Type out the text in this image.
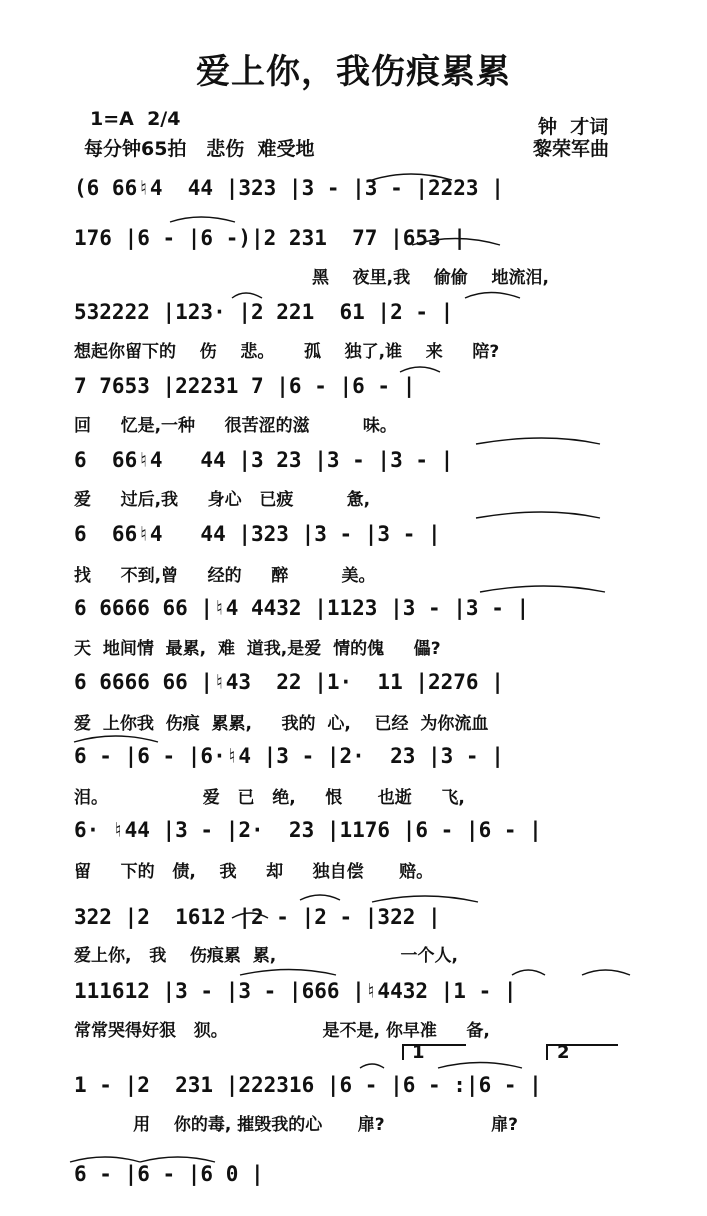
爱上你，我伤痕累累
1=A  2/4
每分钟65拍   悲伤  难受地
钟  才词
黎荣军曲
(6 66♮4  44 |323 |3 - |3 - |2223 |
176 |6 - |6 -)|2 231  77 |653 |
黑    夜里,我    偷偷    地流泪,
532222 |123· |2 221  61 |2 - |
想起你留下的    伤    悲。     孤    独了,谁    来     陪?
7 7653 |22231 7 |6 - |6 - |
回     忆是,一种     很苦涩的滋         味。
6  66♮4   44 |3 23 |3 - |3 - |
爱     过后,我     身心   已疲         惫,
6  66♮4   44 |323 |3 - |3 - |
找     不到,曾     经的     醉         美。
6 6666 66 |♮4 4432 |1123 |3 - |3 - |
天  地间情  最累,  难  道我,是爱  情的傀     儡?
6 6666 66 |♮43  22 |1·  11 |2276 |
爱  上你我  伤痕  累累,     我的  心,    已经  为你流血
6 - |6 - |6·♮4 |3 - |2·  23 |3 - |
泪。                爱   已   绝,     恨      也逝     飞,
6· ♮44 |3 - |2·  23 |1176 |6 - |6 - |
留     下的   债,    我     却     独自偿      赔。
322 |2  1612 |2 - |2 - |322 |
爱上你,   我    伤痕累  累,                     一个人,
111612 |3 - |3 - |666 |♮4432 |1 - |
常常哭得好狠   狈。                是不是, 你早准     备,
1 - |2  231 |222316 |6 - |6 - :|6 - |
用    你的毒, 摧毁我的心      扉?                  扉?
6 - |6 - |6 0 |
1	2
